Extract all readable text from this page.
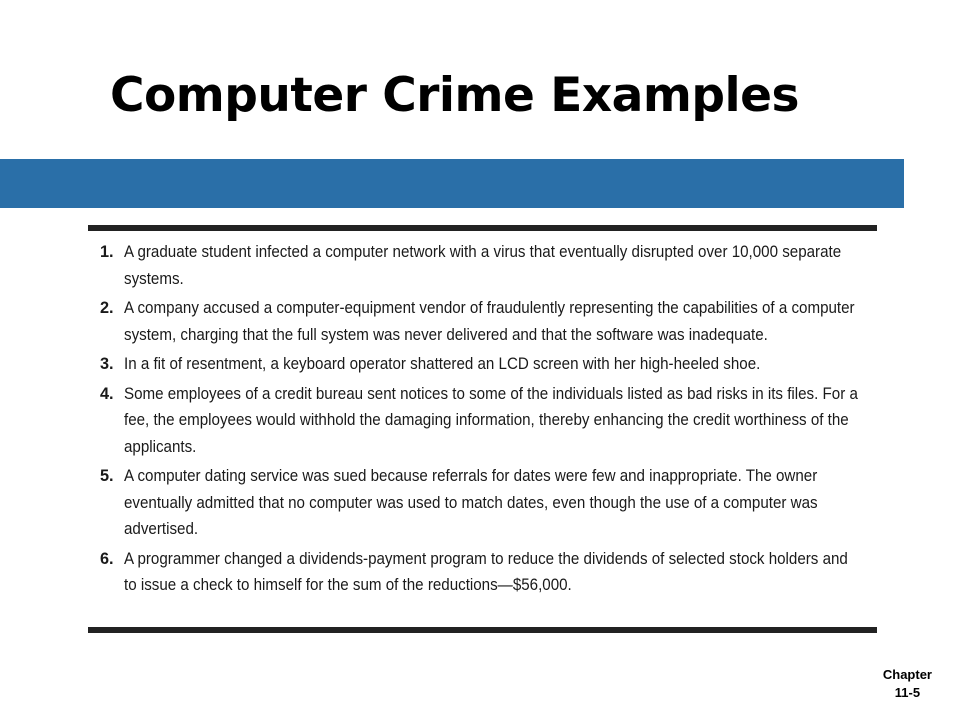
Computer Crime Examples
1. A graduate student infected a computer network with a virus that eventually disrupted over 10,000 separate systems.
2. A company accused a computer-equipment vendor of fraudulently representing the capabilities of a computer system, charging that the full system was never delivered and that the software was inadequate.
3. In a fit of resentment, a keyboard operator shattered an LCD screen with her high-heeled shoe.
4. Some employees of a credit bureau sent notices to some of the individuals listed as bad risks in its files. For a fee, the employees would withhold the damaging information, thereby enhancing the credit worthiness of the applicants.
5. A computer dating service was sued because referrals for dates were few and inappropriate. The owner eventually admitted that no computer was used to match dates, even though the use of a computer was advertised.
6. A programmer changed a dividends-payment program to reduce the dividends of selected stock holders and to issue a check to himself for the sum of the reductions—$56,000.
Chapter
11-5
